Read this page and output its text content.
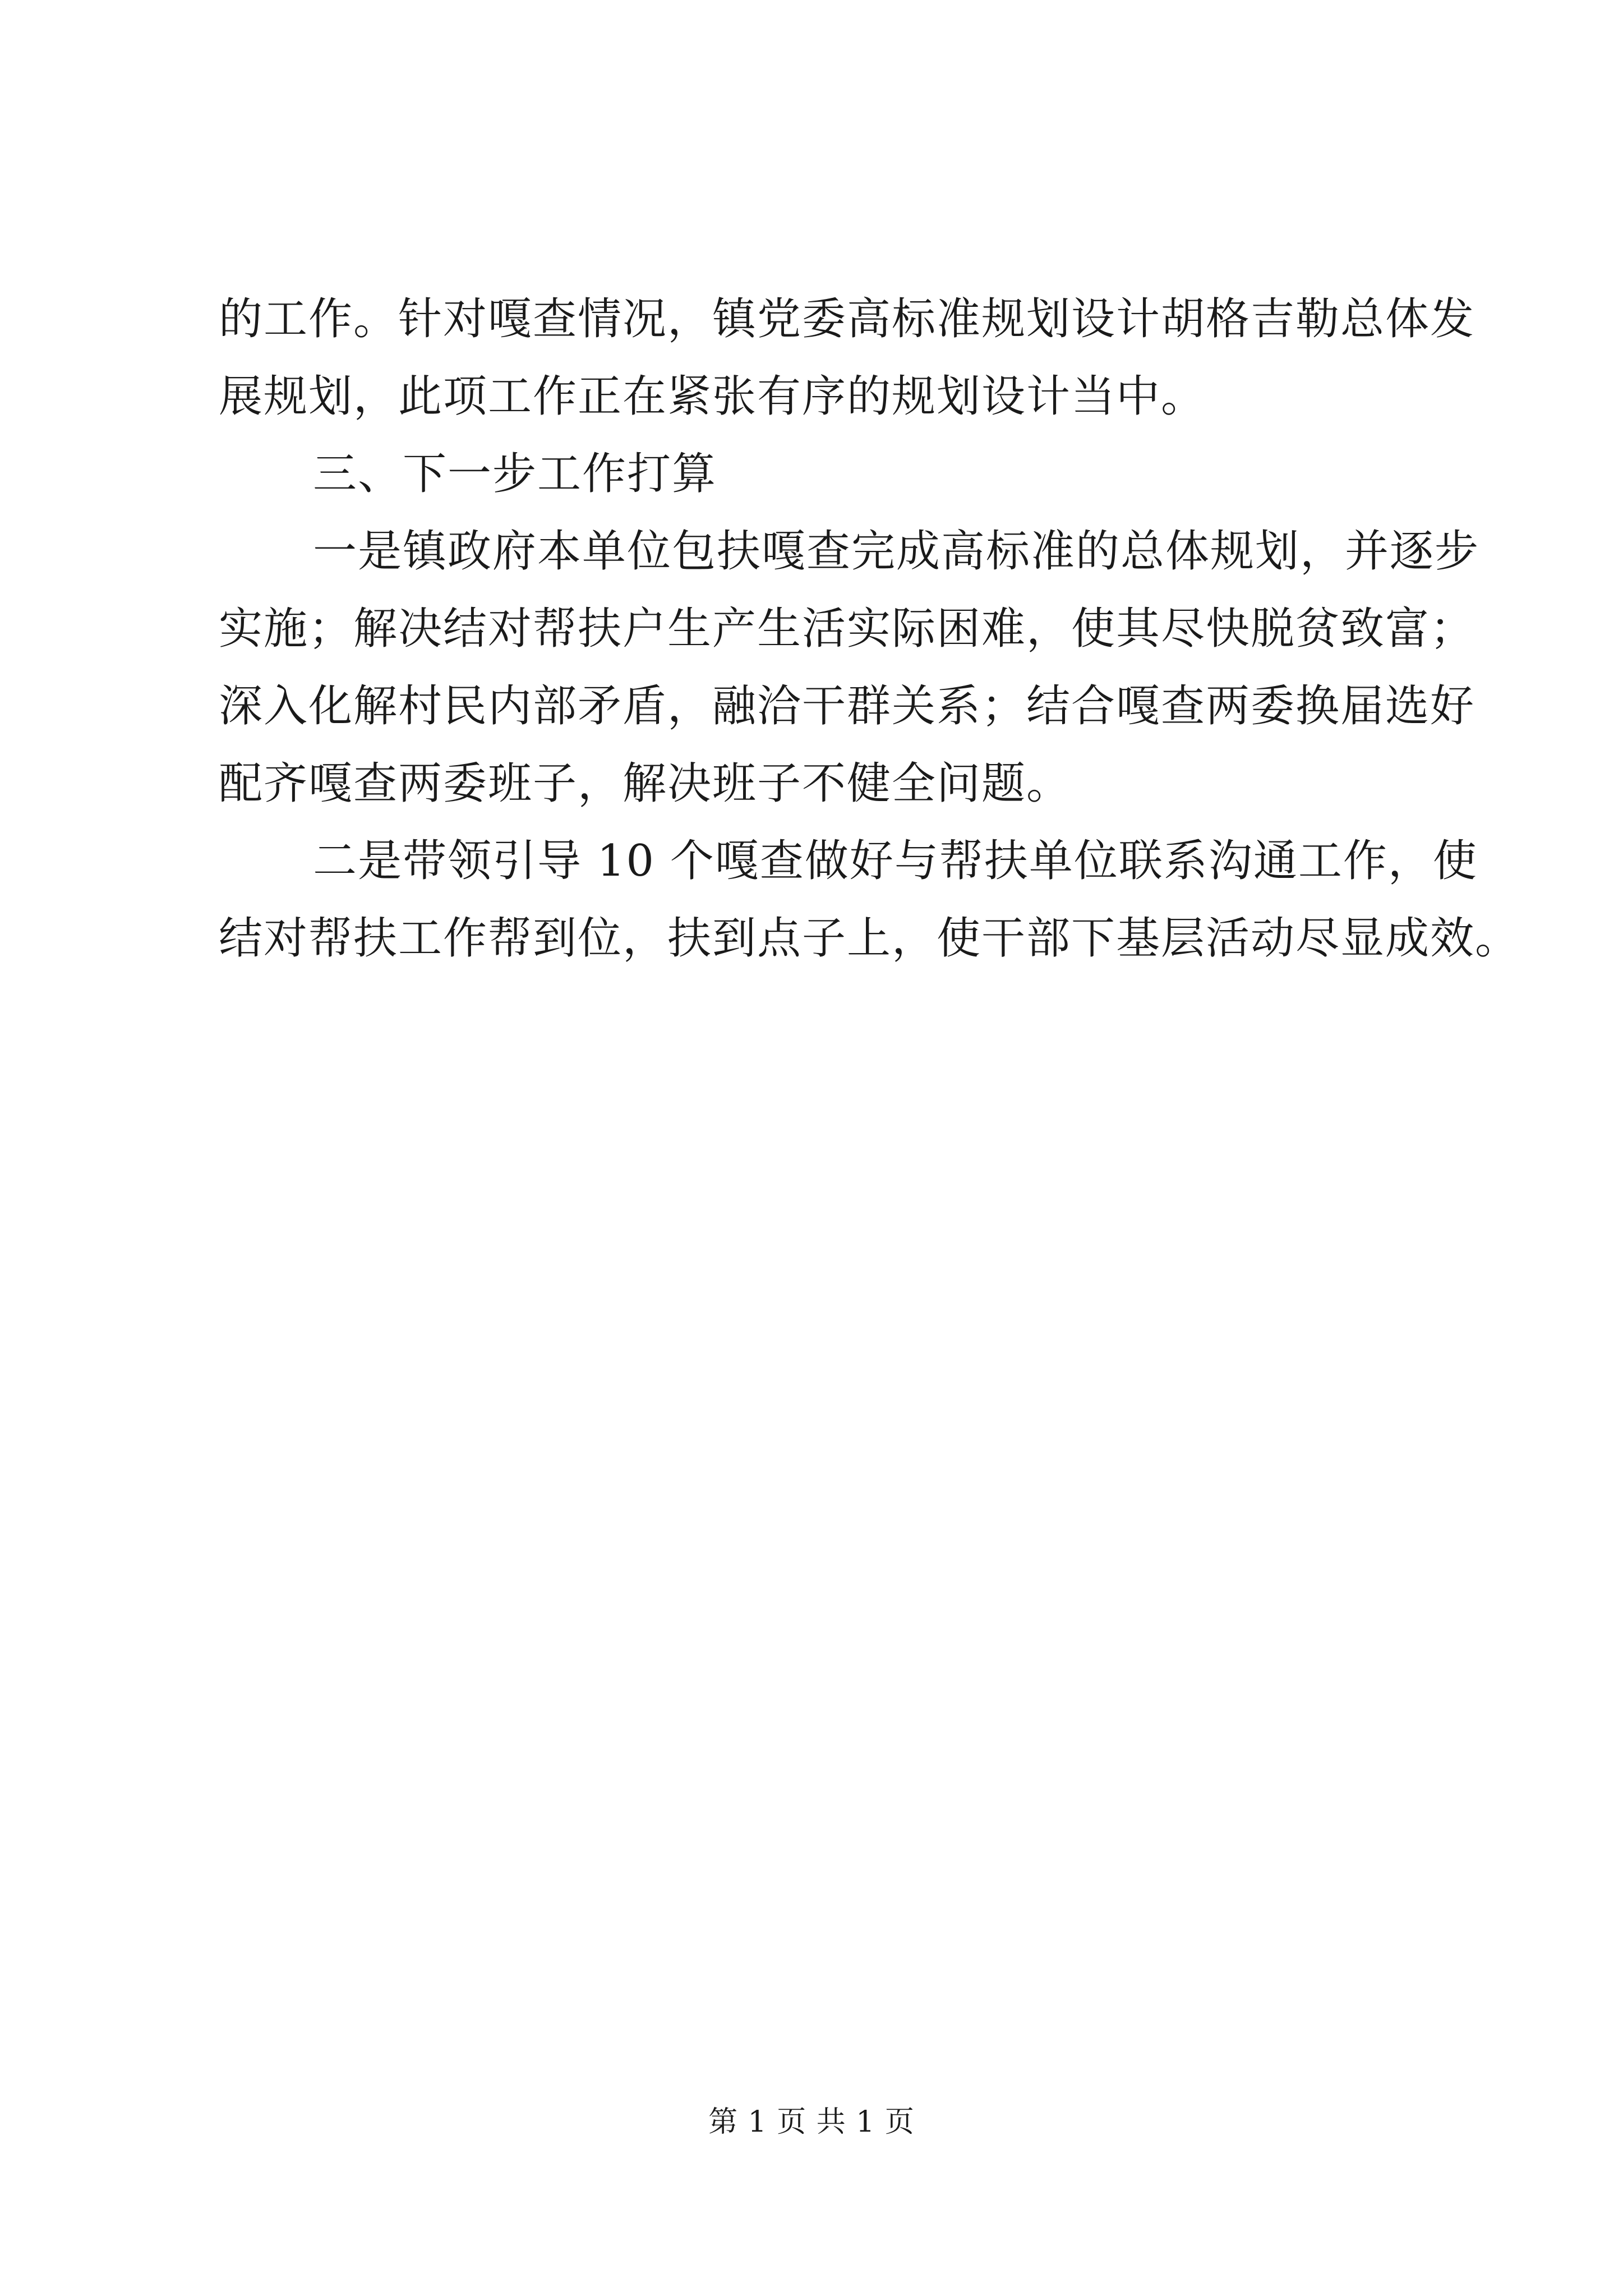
的工作。针对嘎查情况，镇党委高标准规划设计胡格吉勒总体发
展规划，此项工作正在紧张有序的规划设计当中。
三、下一步工作打算
一是镇政府本单位包扶嘎查完成高标准的总体规划，并逐步
实施；解决结对帮扶户生产生活实际困难，使其尽快脱贫致富；
深入化解村民内部矛盾，融洽干群关系；结合嘎查两委换届选好
配齐嘎查两委班子，解决班子不健全问题。
二是带领引导 10 个嘎查做好与帮扶单位联系沟通工作，使
结对帮扶工作帮到位，扶到点子上，使干部下基层活动尽显成效。
第 1 页 共 1 页
